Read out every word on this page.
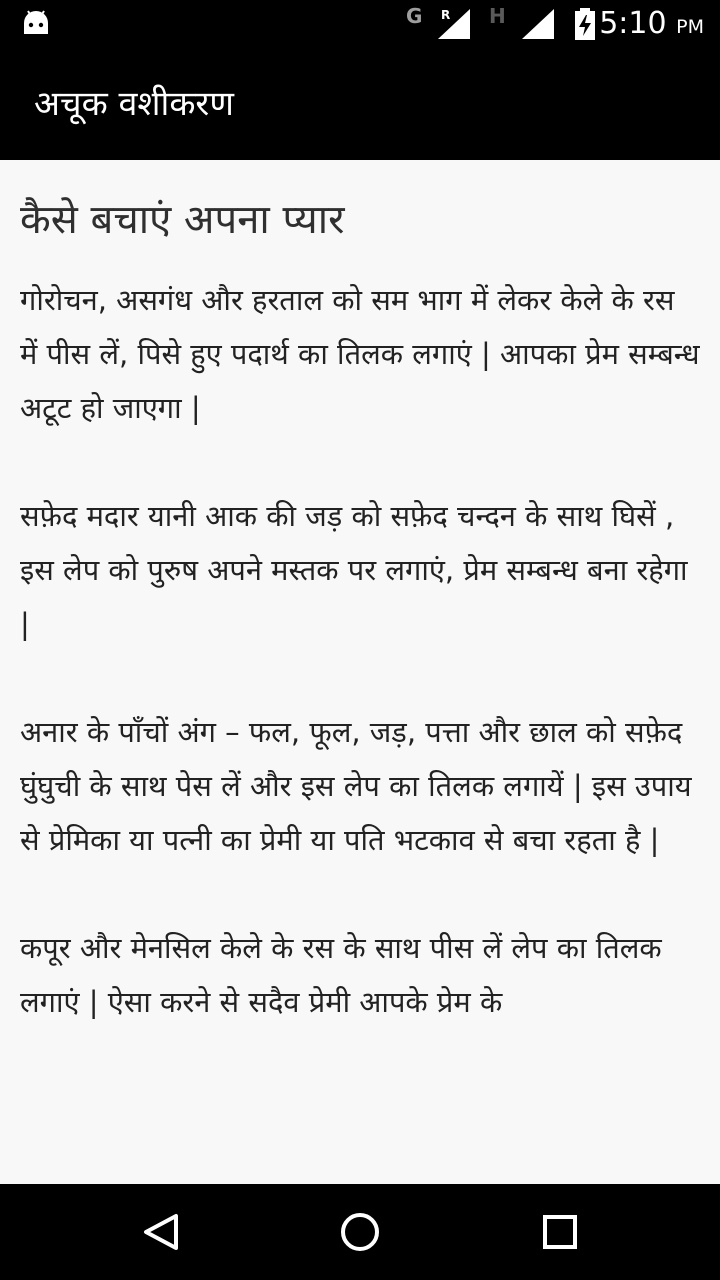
G R H	5:10 PM
अचूक वशीकरण
कैसे बचाएं अपना प्यार

गोरोचन, असगंध और हरताल को सम भाग में लेकर केले के रस में पीस लें, पिसे हुए पदार्थ का तिलक लगाएं | आपका प्रेम सम्बन्ध अटूट हो जाएगा |

सफ़ेद मदार यानी आक की जड़ को सफ़ेद चन्दन के साथ घिसें , इस लेप को पुरुष अपने मस्तक पर लगाएं, प्रेम सम्बन्ध बना रहेगा |

अनार के पाँचों अंग – फल, फूल, जड़, पत्ता और छाल को सफ़ेद घुंघुची के साथ पेस लें और इस लेप का तिलक लगायें | इस उपाय से प्रेमिका या पत्नी का प्रेमी या पति भटकाव से बचा रहता है |

कपूर और मेनसिल केले के रस के साथ पीस लें लेप का तिलक लगाएं | ऐसा करने से सदैव प्रेमी आपके प्रेम के
